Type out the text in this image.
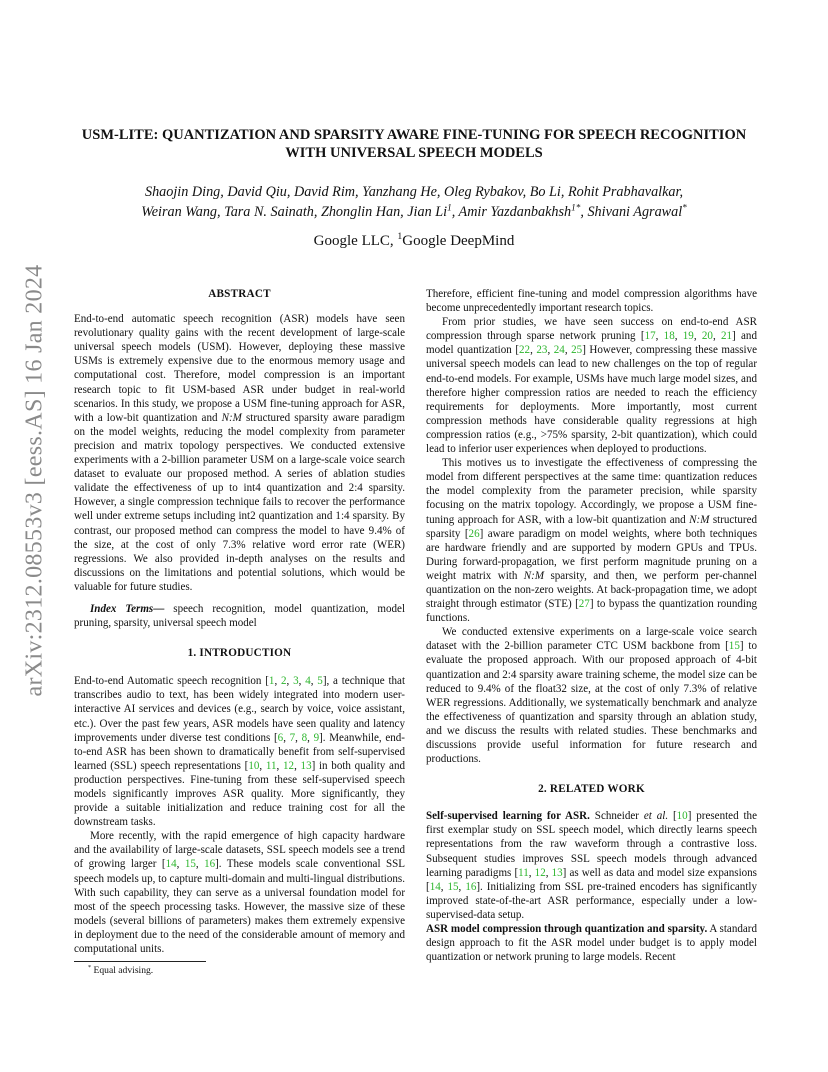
arXiv:2312.08553v3 [eess.AS] 16 Jan 2024
USM-LITE: QUANTIZATION AND SPARSITY AWARE FINE-TUNING FOR SPEECH RECOGNITION WITH UNIVERSAL SPEECH MODELS

Shaojin Ding, David Qiu, David Rim, Yanzhang He, Oleg Rybakov, Bo Li, Rohit Prabhavalkar,
Weiran Wang, Tara N. Sainath, Zhonglin Han, Jian Li$^1$, Amir Yazdanbakhsh$^{1*}$, Shivani Agrawal*

Google LLC, $^1$Google DeepMind

ABSTRACT

End-to-end automatic speech recognition (ASR) models have seen revolutionary quality gains with the recent development of large-scale universal speech models (USM). However, deploying these massive USMs is extremely expensive due to the enormous memory usage and computational cost. Therefore, model compression is an important research topic to fit USM-based ASR under budget in real-world scenarios. In this study, we propose a USM fine-tuning approach for ASR, with a low-bit quantization and N:M structured sparsity aware paradigm on the model weights, reducing the model complexity from parameter precision and matrix topology perspectives. We conducted extensive experiments with a 2-billion parameter USM on a large-scale voice search dataset to evaluate our proposed method. A series of ablation studies validate the effectiveness of up to int4 quantization and 2:4 sparsity. However, a single compression technique fails to recover the performance well under extreme setups including int2 quantization and 1:4 sparsity. By contrast, our proposed method can compress the model to have 9.4% of the size, at the cost of only 7.3% relative word error rate (WER) regressions. We also provided in-depth analyses on the results and discussions on the limitations and potential solutions, which would be valuable for future studies.

Index Terms— speech recognition, model quantization, model pruning, sparsity, universal speech model

1. INTRODUCTION

End-to-end Automatic speech recognition [1, 2, 3, 4, 5], a technique that transcribes audio to text, has been widely integrated into modern user-interactive AI services and devices (e.g., search by voice, voice assistant, etc.). Over the past few years, ASR models have seen quality and latency improvements under diverse test conditions [6, 7, 8, 9]. Meanwhile, end-to-end ASR has been shown to dramatically benefit from self-supervised learned (SSL) speech representations [10, 11, 12, 13] in both quality and production perspectives. Fine-tuning from these self-supervised speech models significantly improves ASR quality. More significantly, they provide a suitable initialization and reduce training cost for all the downstream tasks.

More recently, with the rapid emergence of high capacity hardware and the availability of large-scale datasets, SSL speech models see a trend of growing larger [14, 15, 16]. These models scale conventional SSL speech models up, to capture multi-domain and multi-lingual distributions. With such capability, they can serve as a universal foundation model for most of the speech processing tasks. However, the massive size of these models (several billions of parameters) makes them extremely expensive in deployment due to the need of the considerable amount of memory and computational units.

Therefore, efficient fine-tuning and model compression algorithms have become unprecedentedly important research topics.

From prior studies, we have seen success on end-to-end ASR compression through sparse network pruning [17, 18, 19, 20, 21] and model quantization [22, 23, 24, 25] However, compressing these massive universal speech models can lead to new challenges on the top of regular end-to-end models. For example, USMs have much large model sizes, and therefore higher compression ratios are needed to reach the efficiency requirements for deployments. More importantly, most current compression methods have considerable quality regressions at high compression ratios (e.g., >75% sparsity, 2-bit quantization), which could lead to inferior user experiences when deployed to productions.

This motives us to investigate the effectiveness of compressing the model from different perspectives at the same time: quantization reduces the model complexity from the parameter precision, while sparsity focusing on the matrix topology. Accordingly, we propose a USM fine-tuning approach for ASR, with a low-bit quantization and N:M structured sparsity [26] aware paradigm on model weights, where both techniques are hardware friendly and are supported by modern GPUs and TPUs. During forward-propagation, we first perform magnitude pruning on a weight matrix with N:M sparsity, and then, we perform per-channel quantization on the non-zero weights. At back-propagation time, we adopt straight through estimator (STE) [27] to bypass the quantization rounding functions.

We conducted extensive experiments on a large-scale voice search dataset with the 2-billion parameter CTC USM backbone from [15] to evaluate the proposed approach. With our proposed approach of 4-bit quantization and 2:4 sparsity aware training scheme, the model size can be reduced to 9.4% of the float32 size, at the cost of only 7.3% of relative WER regressions. Additionally, we systematically benchmark and analyze the effectiveness of quantization and sparsity through an ablation study, and we discuss the results with related studies. These benchmarks and discussions provide useful information for future research and productions.

2. RELATED WORK

Self-supervised learning for ASR. Schneider et al. [10] presented the first exemplar study on SSL speech model, which directly learns speech representations from the raw waveform through a contrastive loss. Subsequent studies improves SSL speech models through advanced learning paradigms [11, 12, 13] as well as data and model size expansions [14, 15, 16]. Initializing from SSL pre-trained encoders has significantly improved state-of-the-art ASR performance, especially under a low-supervised-data setup.

ASR model compression through quantization and sparsity. A standard design approach to fit the ASR model under budget is to apply model quantization or network pruning to large models. Recent

* Equal advising.
